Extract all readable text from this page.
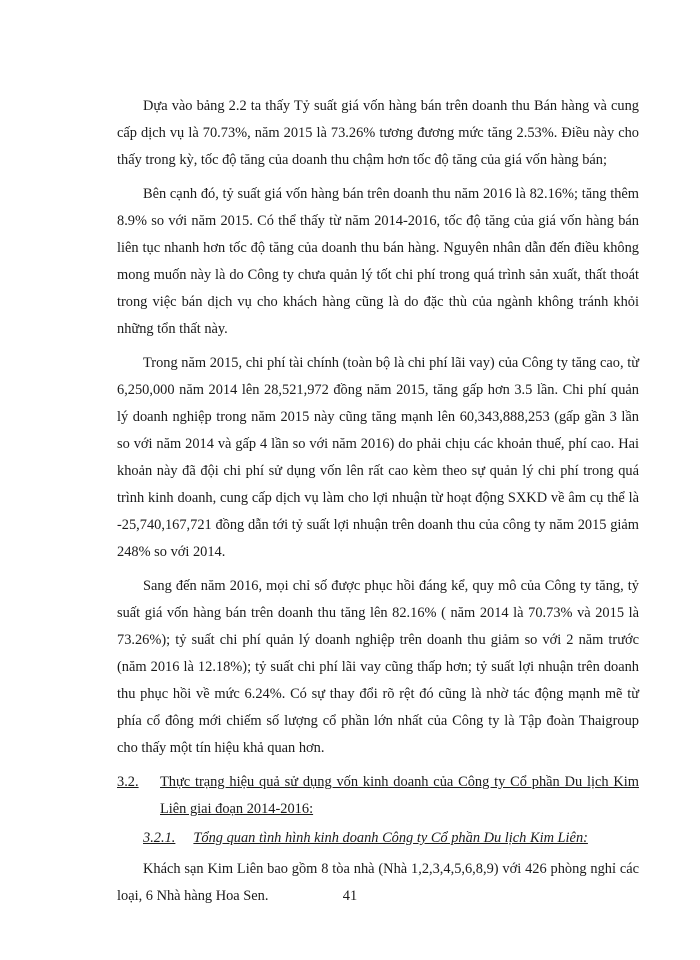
Dựa vào bảng 2.2 ta thấy Tỷ suất giá vốn hàng bán trên doanh thu Bán hàng và cung cấp dịch vụ là 70.73%, năm 2015 là 73.26% tương đương mức tăng 2.53%. Điều này cho thấy trong kỳ, tốc độ tăng của doanh thu chậm hơn tốc độ tăng của giá vốn hàng bán;

Bên cạnh đó, tỷ suất giá vốn hàng bán trên doanh thu năm 2016 là 82.16%; tăng thêm 8.9% so với năm 2015. Có thể thấy từ năm 2014-2016, tốc độ tăng của giá vốn hàng bán liên tục nhanh hơn tốc độ tăng của doanh thu bán hàng. Nguyên nhân dẫn đến điều không mong muốn này là do Công ty chưa quản lý tốt chi phí trong quá trình sản xuất, thất thoát trong việc bán dịch vụ cho khách hàng cũng là do đặc thù của ngành không tránh khỏi những tổn thất này.

Trong năm 2015, chi phí tài chính (toàn bộ là chi phí lãi vay) của Công ty tăng cao, từ 6,250,000 năm 2014 lên 28,521,972 đồng năm 2015, tăng gấp hơn 3.5 lần. Chi phí quản lý doanh nghiệp trong năm 2015 này cũng tăng mạnh lên 60,343,888,253 (gấp gần 3 lần so với năm 2014 và gấp 4 lần so với năm 2016) do phải chịu các khoản thuế, phí cao. Hai khoản này đã đội chi phí sử dụng vốn lên rất cao kèm theo sự quản lý chi phí trong quá trình kinh doanh, cung cấp dịch vụ làm cho lợi nhuận từ hoạt động SXKD về âm cụ thể là -25,740,167,721 đồng dẫn tới tỷ suất lợi nhuận trên doanh thu của công ty năm 2015 giảm 248% so với 2014.

Sang đến năm 2016, mọi chỉ số được phục hồi đáng kể, quy mô của Công ty tăng, tỷ suất giá vốn hàng bán trên doanh thu tăng lên 82.16% ( năm 2014 là 70.73% và 2015 là 73.26%); tỷ suất chi phí quản lý doanh nghiệp trên doanh thu giảm so với 2 năm trước (năm 2016 là 12.18%); tỷ suất chi phí lãi vay cũng thấp hơn; tỷ suất lợi nhuận trên doanh thu phục hồi về mức 6.24%. Có sự thay đổi rõ rệt đó cũng là nhờ tác động mạnh mẽ từ phía cổ đông mới chiếm số lượng cổ phần lớn nhất của Công ty là Tập đoàn Thaigroup cho thấy một tín hiệu khả quan hơn.

3.2.	Thực trạng hiệu quả sử dụng vốn kinh doanh của Công ty Cổ phần Du lịch Kim Liên giai đoạn 2014-2016:
3.2.1. Tổng quan tình hình kinh doanh Công ty Cổ phần Du lịch Kim Liên:

Khách sạn Kim Liên bao gồm 8 tòa nhà (Nhà 1,2,3,4,5,6,8,9) với 426 phòng nghỉ các loại, 6 Nhà hàng Hoa Sen.	41
